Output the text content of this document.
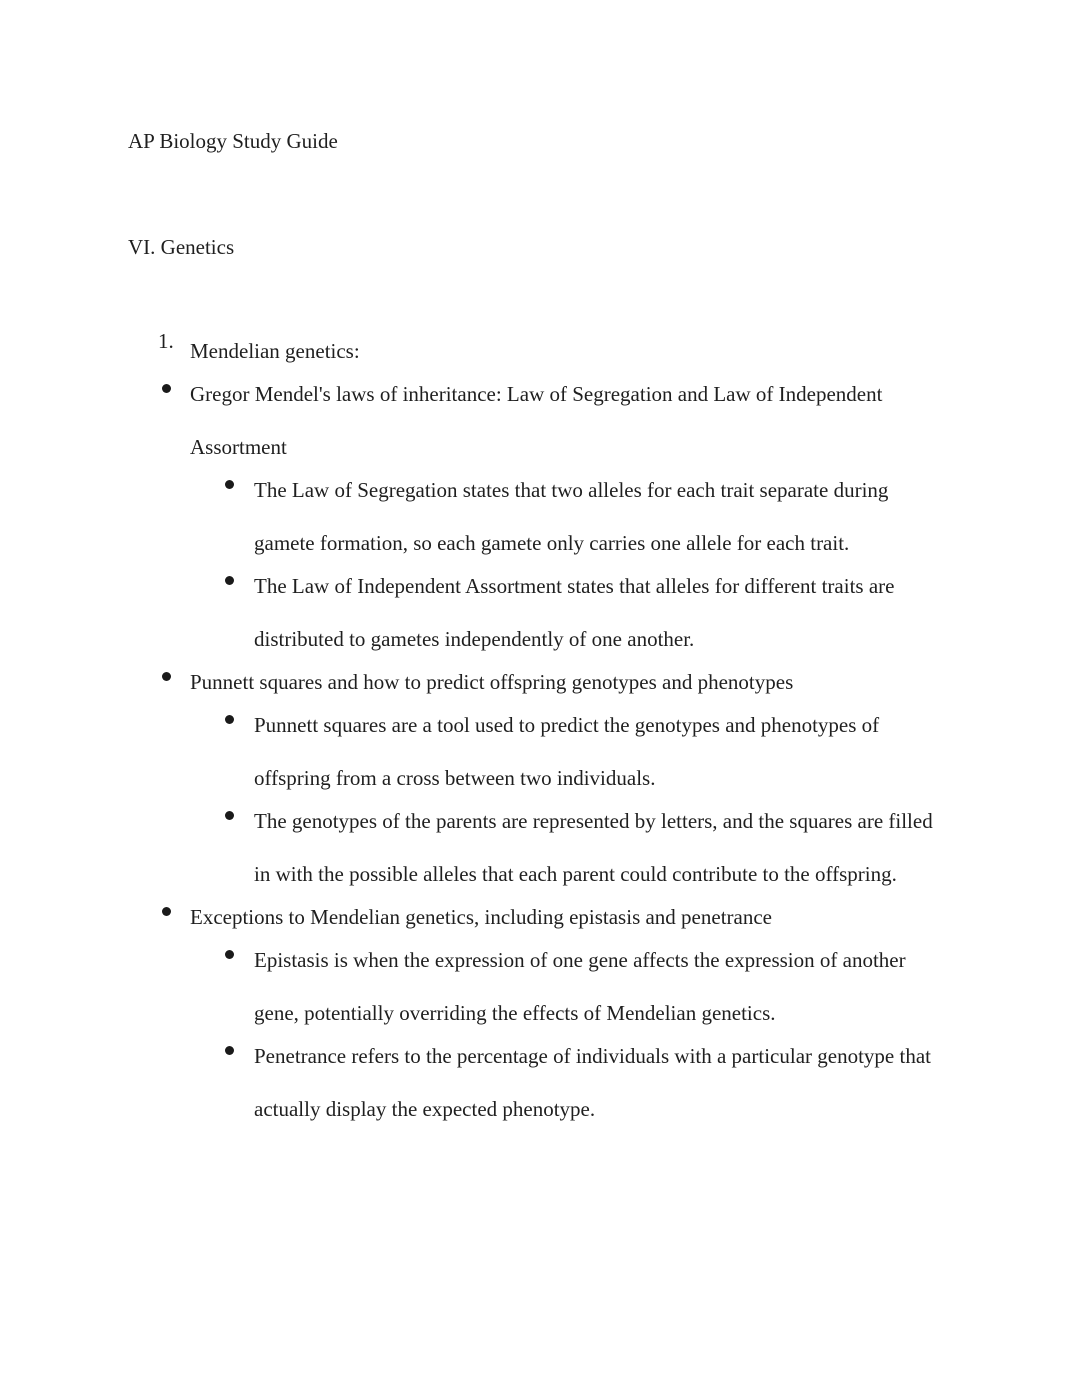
AP Biology Study Guide
VI. Genetics
1. Mendelian genetics:
Gregor Mendel's laws of inheritance: Law of Segregation and Law of Independent Assortment
The Law of Segregation states that two alleles for each trait separate during gamete formation, so each gamete only carries one allele for each trait.
The Law of Independent Assortment states that alleles for different traits are distributed to gametes independently of one another.
Punnett squares and how to predict offspring genotypes and phenotypes
Punnett squares are a tool used to predict the genotypes and phenotypes of offspring from a cross between two individuals.
The genotypes of the parents are represented by letters, and the squares are filled in with the possible alleles that each parent could contribute to the offspring.
Exceptions to Mendelian genetics, including epistasis and penetrance
Epistasis is when the expression of one gene affects the expression of another gene, potentially overriding the effects of Mendelian genetics.
Penetrance refers to the percentage of individuals with a particular genotype that actually display the expected phenotype.
